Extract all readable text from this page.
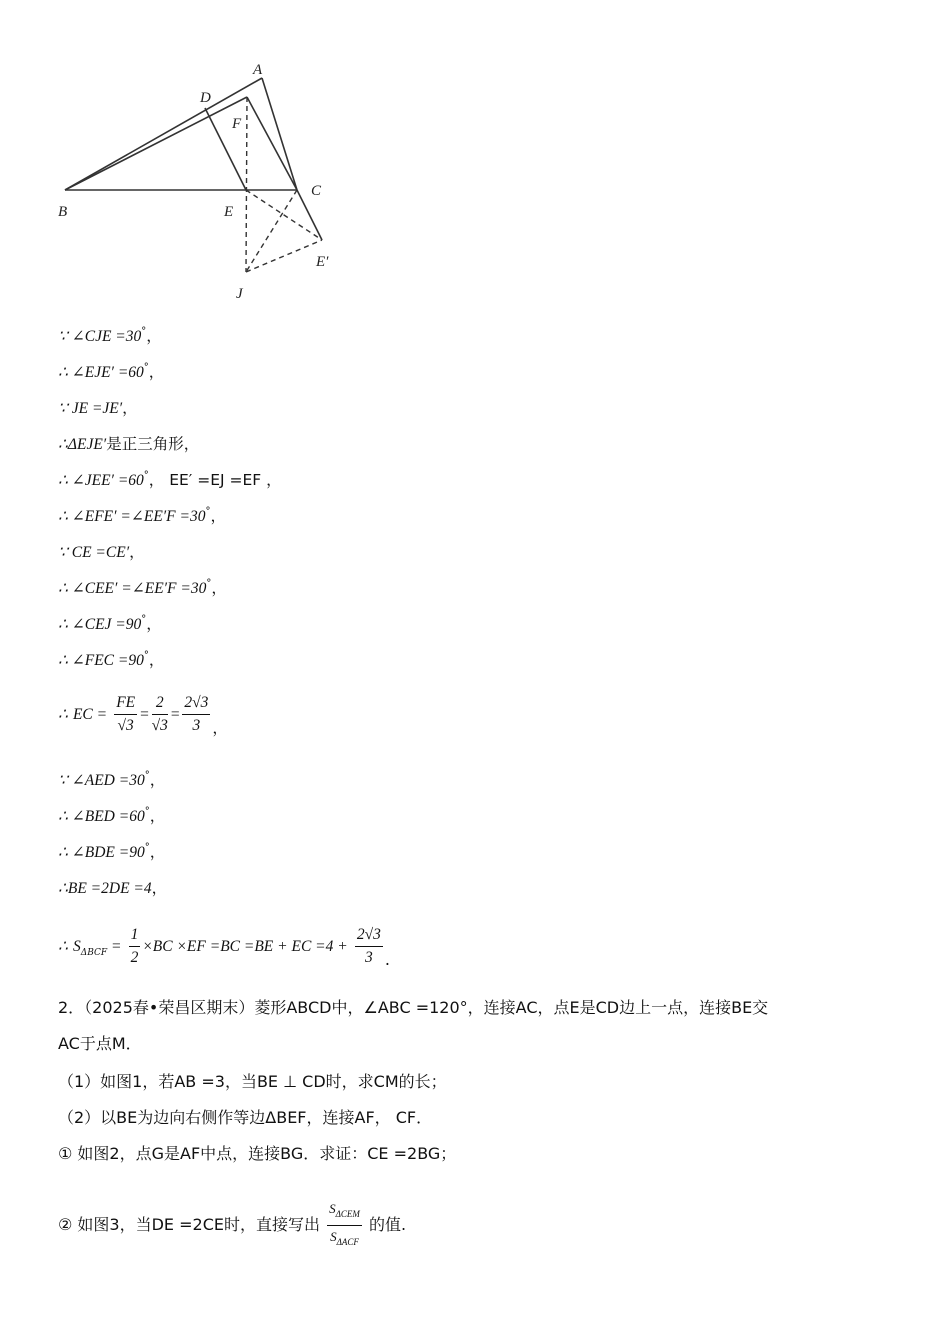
A
D
F
B	E
C
E′
J
∵ ∠CJE =30°，
∴ ∠EJE′ =60°，
∵ JE =JE′，
∴ΔEJE′是正三角形，
∴ ∠JEE′ =60°， EE′ =EJ =EF ，
∴ ∠EFE′ =∠EE′F =30°，
∵ CE =CE′，
∴ ∠CEE′ =∠EE′F =30°，
∴ ∠CEJ =90°，
∴ ∠FEC =90°，
∴ EC = $\frac{FE}{√3} = \frac{2}{√3} = \frac{2√3}{3}$ ，
∵ ∠AED =30°，
∴ ∠BED =60°，
∴ ∠BDE =90°，
∴BE =2DE =4，
∴ $S_{\Delta BCF} = \frac{1}{2} \times BC \times EF =BC =BE$ + EC $=4 + \frac{2√3}{3}$ .
2．（2025春•荣昌区期末）菱形ABCD中，∠ABC =120°，连接AC，点E是CD边上一点，连接BE交
AC于点M．
（1）如图1，若AB =3，当BE ⊥ CD时，求CM的长；
（2）以BE为边向右侧作等边ΔBEF，连接AF， CF．
① 如图2，点G是AF中点，连接BG．求证：CE =2BG；
② 如图3，当DE =2CE时，直接写出 $\frac{S_{\Delta CEM}}{S_{\Delta ACF}}$ 的值.
